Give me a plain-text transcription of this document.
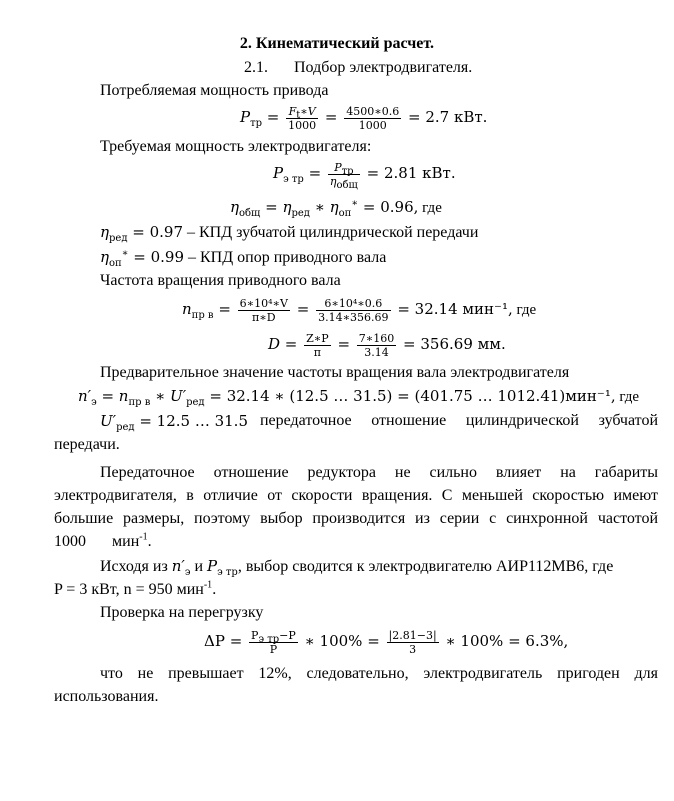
2. Кинематический расчет.
2.1. Подбор электродвигателя.
Потребляемая мощность привода
$P_{тр} = \frac{F_t∗V}{1000} = \frac{4500∗0.6}{1000} = 2.7$ кВт.
Требуемая мощность электродвигателя:
$P_{э тр} = \frac{P_{тр}}{\eta_{общ}} = 2.81$ кВт.
$\eta_{общ} = \eta_{ред}$ ∗ $\eta_{оп}^∗ = 0.96$, где
$\eta_{ред} = 0.97$ – КПД зубчатой цилиндрической передачи
$\eta_{оп}^∗ = 0.99$ – КПД опор приводного вала
Частота вращения приводного вала
$n_{пр в} = \frac{\text{6∗10⁴∗V}}{\pi∗D} = \frac{\text{6∗10⁴∗0.6}}{3.14∗356.69} = 32.14$ мин⁻¹, где
$D = \frac{Z∗P}{\pi} = \frac{7∗160}{3.14} = 356.69$ мм.
Предварительное значение частоты вращения вала электродвигателя
$n'_э = n_{пр в}$ ∗ $U'_{ред} = 32.14$ ∗ (12.5 … 31.5) = (401.75 … 1012.41)мин⁻¹, где
$U'_{ред} = 12.5$ … 31.5 передаточное отношение цилиндрической зубчатой
передачи.
Передаточное отношение редуктора не сильно влияет на габариты
электродвигателя, в отличие от скорости вращения. С меньшей скоростью имеют
большие размеры, поэтому выбор производится из серии с синхронной частотой
1000 мин$^{-1}$.
Исходя из $n'_э$ и $P_{э тр}$, выбор сводится к электродвигателю АИР112МВ6, где
P = 3 кВт, n = 950 мин$^{-1}$.
Проверка на перегрузку
$\Delta P = \frac{P_{э тр}-P}{P}$ ∗ $100\% = \frac{|2.81-3|}{3}$ ∗ 100% = 6.3%,
что не превышает 12%, следовательно, электродвигатель пригоден для
использования.
